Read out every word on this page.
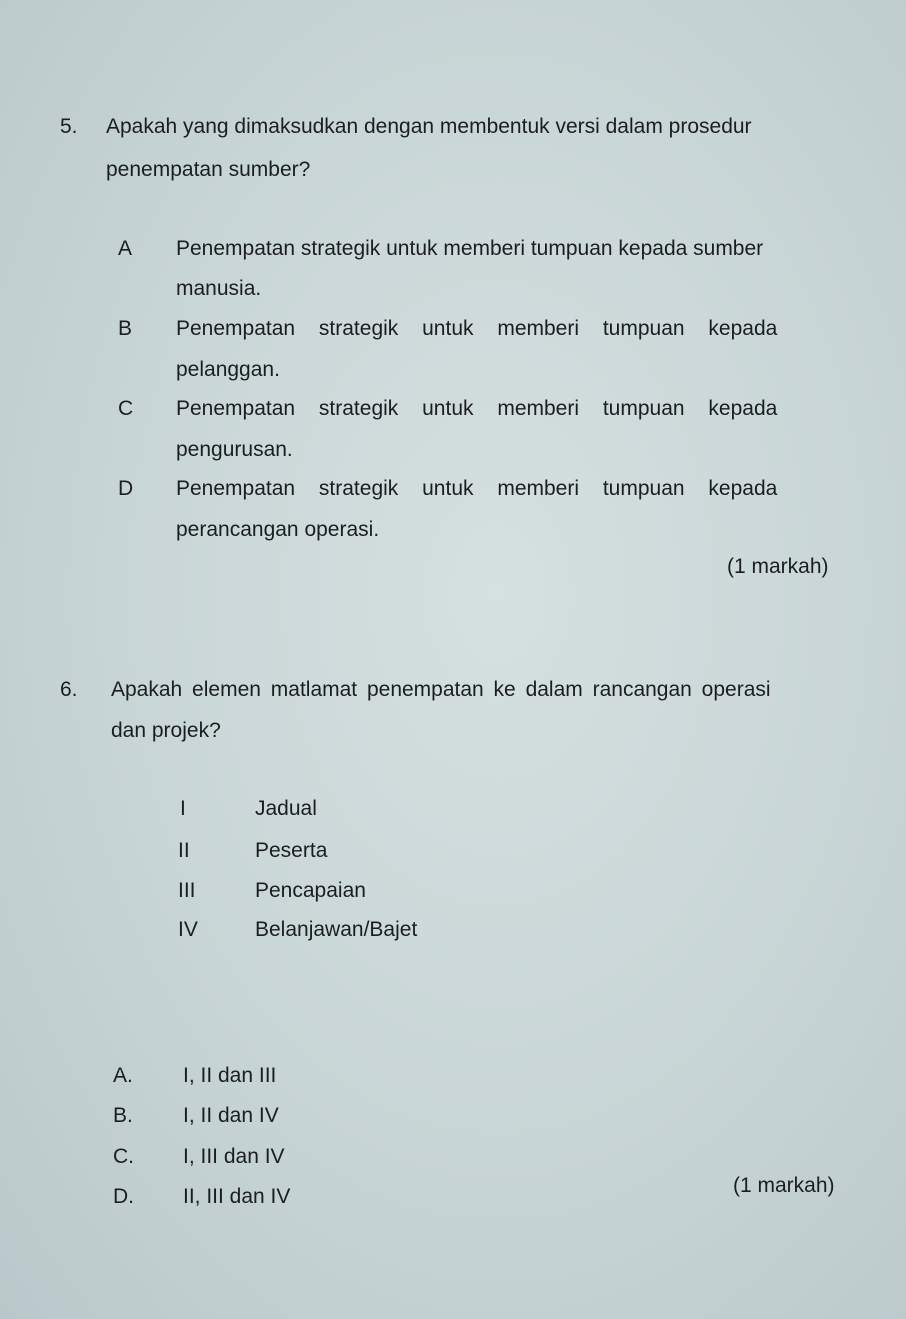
5. Apakah yang dimaksudkan dengan membentuk versi dalam prosedur
penempatan sumber?
A Penempatan strategik untuk memberi tumpuan kepada sumber
manusia.
B Penempatan strategik untuk memberi tumpuan kepada
pelanggan.
C Penempatan strategik untuk memberi tumpuan kepada
pengurusan.
D Penempatan strategik untuk memberi tumpuan kepada
perancangan operasi.
(1 markah)
6. Apakah elemen matlamat penempatan ke dalam rancangan operasi
dan projek?
I	Jadual
II	Peserta
III	Pencapaian
IV	Belanjawan/Bajet
A. I, II dan III
B. I, II dan IV
C. I, III dan IV
D. II, III dan IV	(1 markah)
